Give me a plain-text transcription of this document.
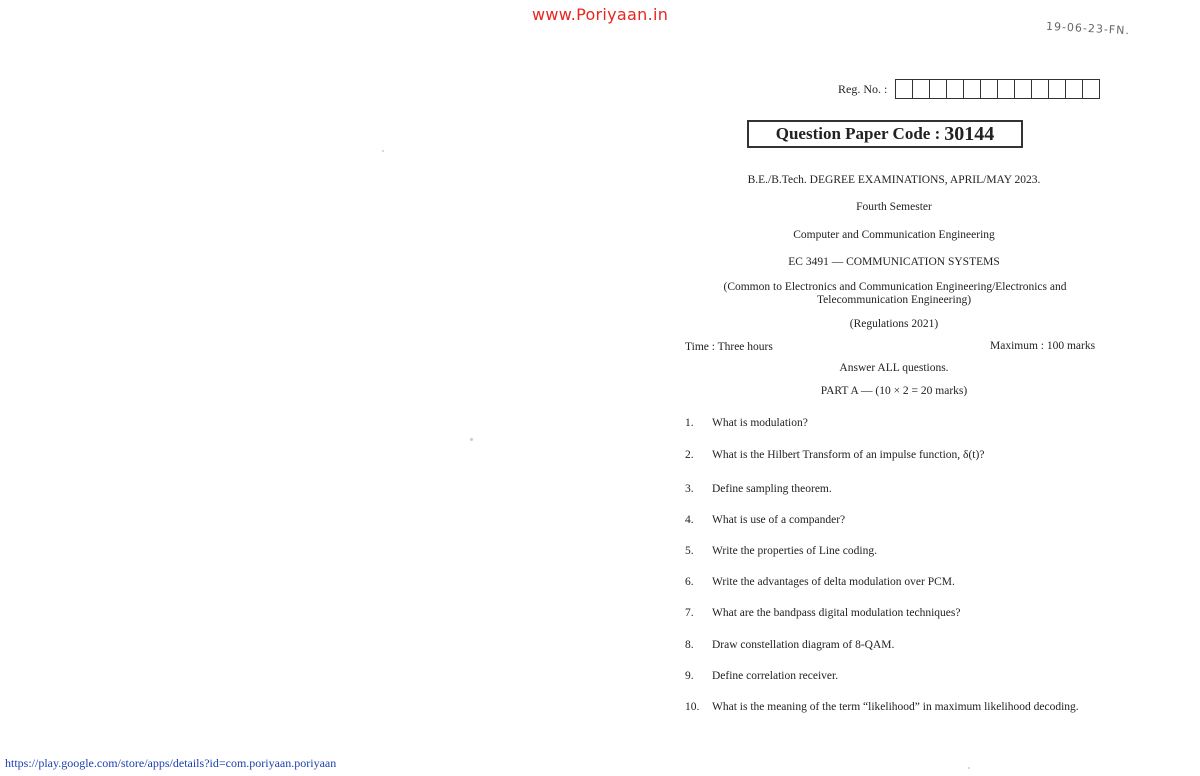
www.Poriyaan.in
19-06-23-FN.
Reg. No. :
Question Paper Code : 30144
B.E./B.Tech. DEGREE EXAMINATIONS, APRIL/MAY 2023.
Fourth Semester
Computer and Communication Engineering
EC 3491 — COMMUNICATION SYSTEMS
(Common to Electronics and Communication Engineering/Electronics and
Telecommunication Engineering)
(Regulations 2021)
Time : Three hours	Maximum : 100 marks
Answer ALL questions.
PART A — (10 × 2 = 20 marks)
1. What is modulation?
2. What is the Hilbert Transform of an impulse function, δ(t)?
3. Define sampling theorem.
4. What is use of a compander?
5. Write the properties of Line coding.
6. Write the advantages of delta modulation over PCM.
7. What are the bandpass digital modulation techniques?
8. Draw constellation diagram of 8-QAM.
9. Define correlation receiver.
10. What is the meaning of the term “likelihood” in maximum likelihood decoding.
https://play.google.com/store/apps/details?id=com.poriyaan.poriyaan
